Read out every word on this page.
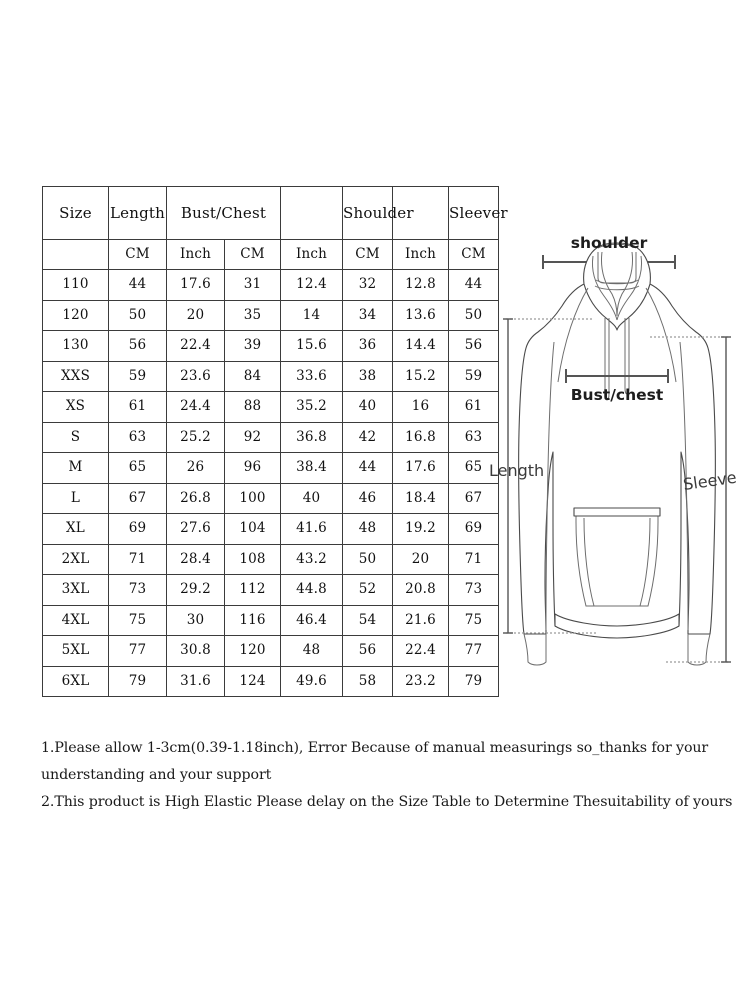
Size	Length	Bust/Chest			Shoulder		Sleever
	CM	Inch	CM	Inch	CM	Inch	CM
110	44	17.6	31	12.4	32	12.8	44
120	50	20	35	14	34	13.6	50
130	56	22.4	39	15.6	36	14.4	56
XXS	59	23.6	84	33.6	38	15.2	59
XS	61	24.4	88	35.2	40	16	61
S	63	25.2	92	36.8	42	16.8	63
M	65	26	96	38.4	44	17.6	65
L	67	26.8	100	40	46	18.4	67
XL	69	27.6	104	41.6	48	19.2	69
2XL	71	28.4	108	43.2	50	20	71
3XL	73	29.2	112	44.8	52	20.8	73
4XL	75	30	116	46.4	54	21.6	75
5XL	77	30.8	120	48	56	22.4	77
6XL	79	31.6	124	49.6	58	23.2	79
1.Please allow 1-3cm(0.39-1.18inch), Error Because of manual measurings so_thanks for your
understanding and your support
2.This product is High Elastic Please delay on the Size Table to Determine Thesuitability of yours
shoulder
Bust/chest
Length	Sleeve
